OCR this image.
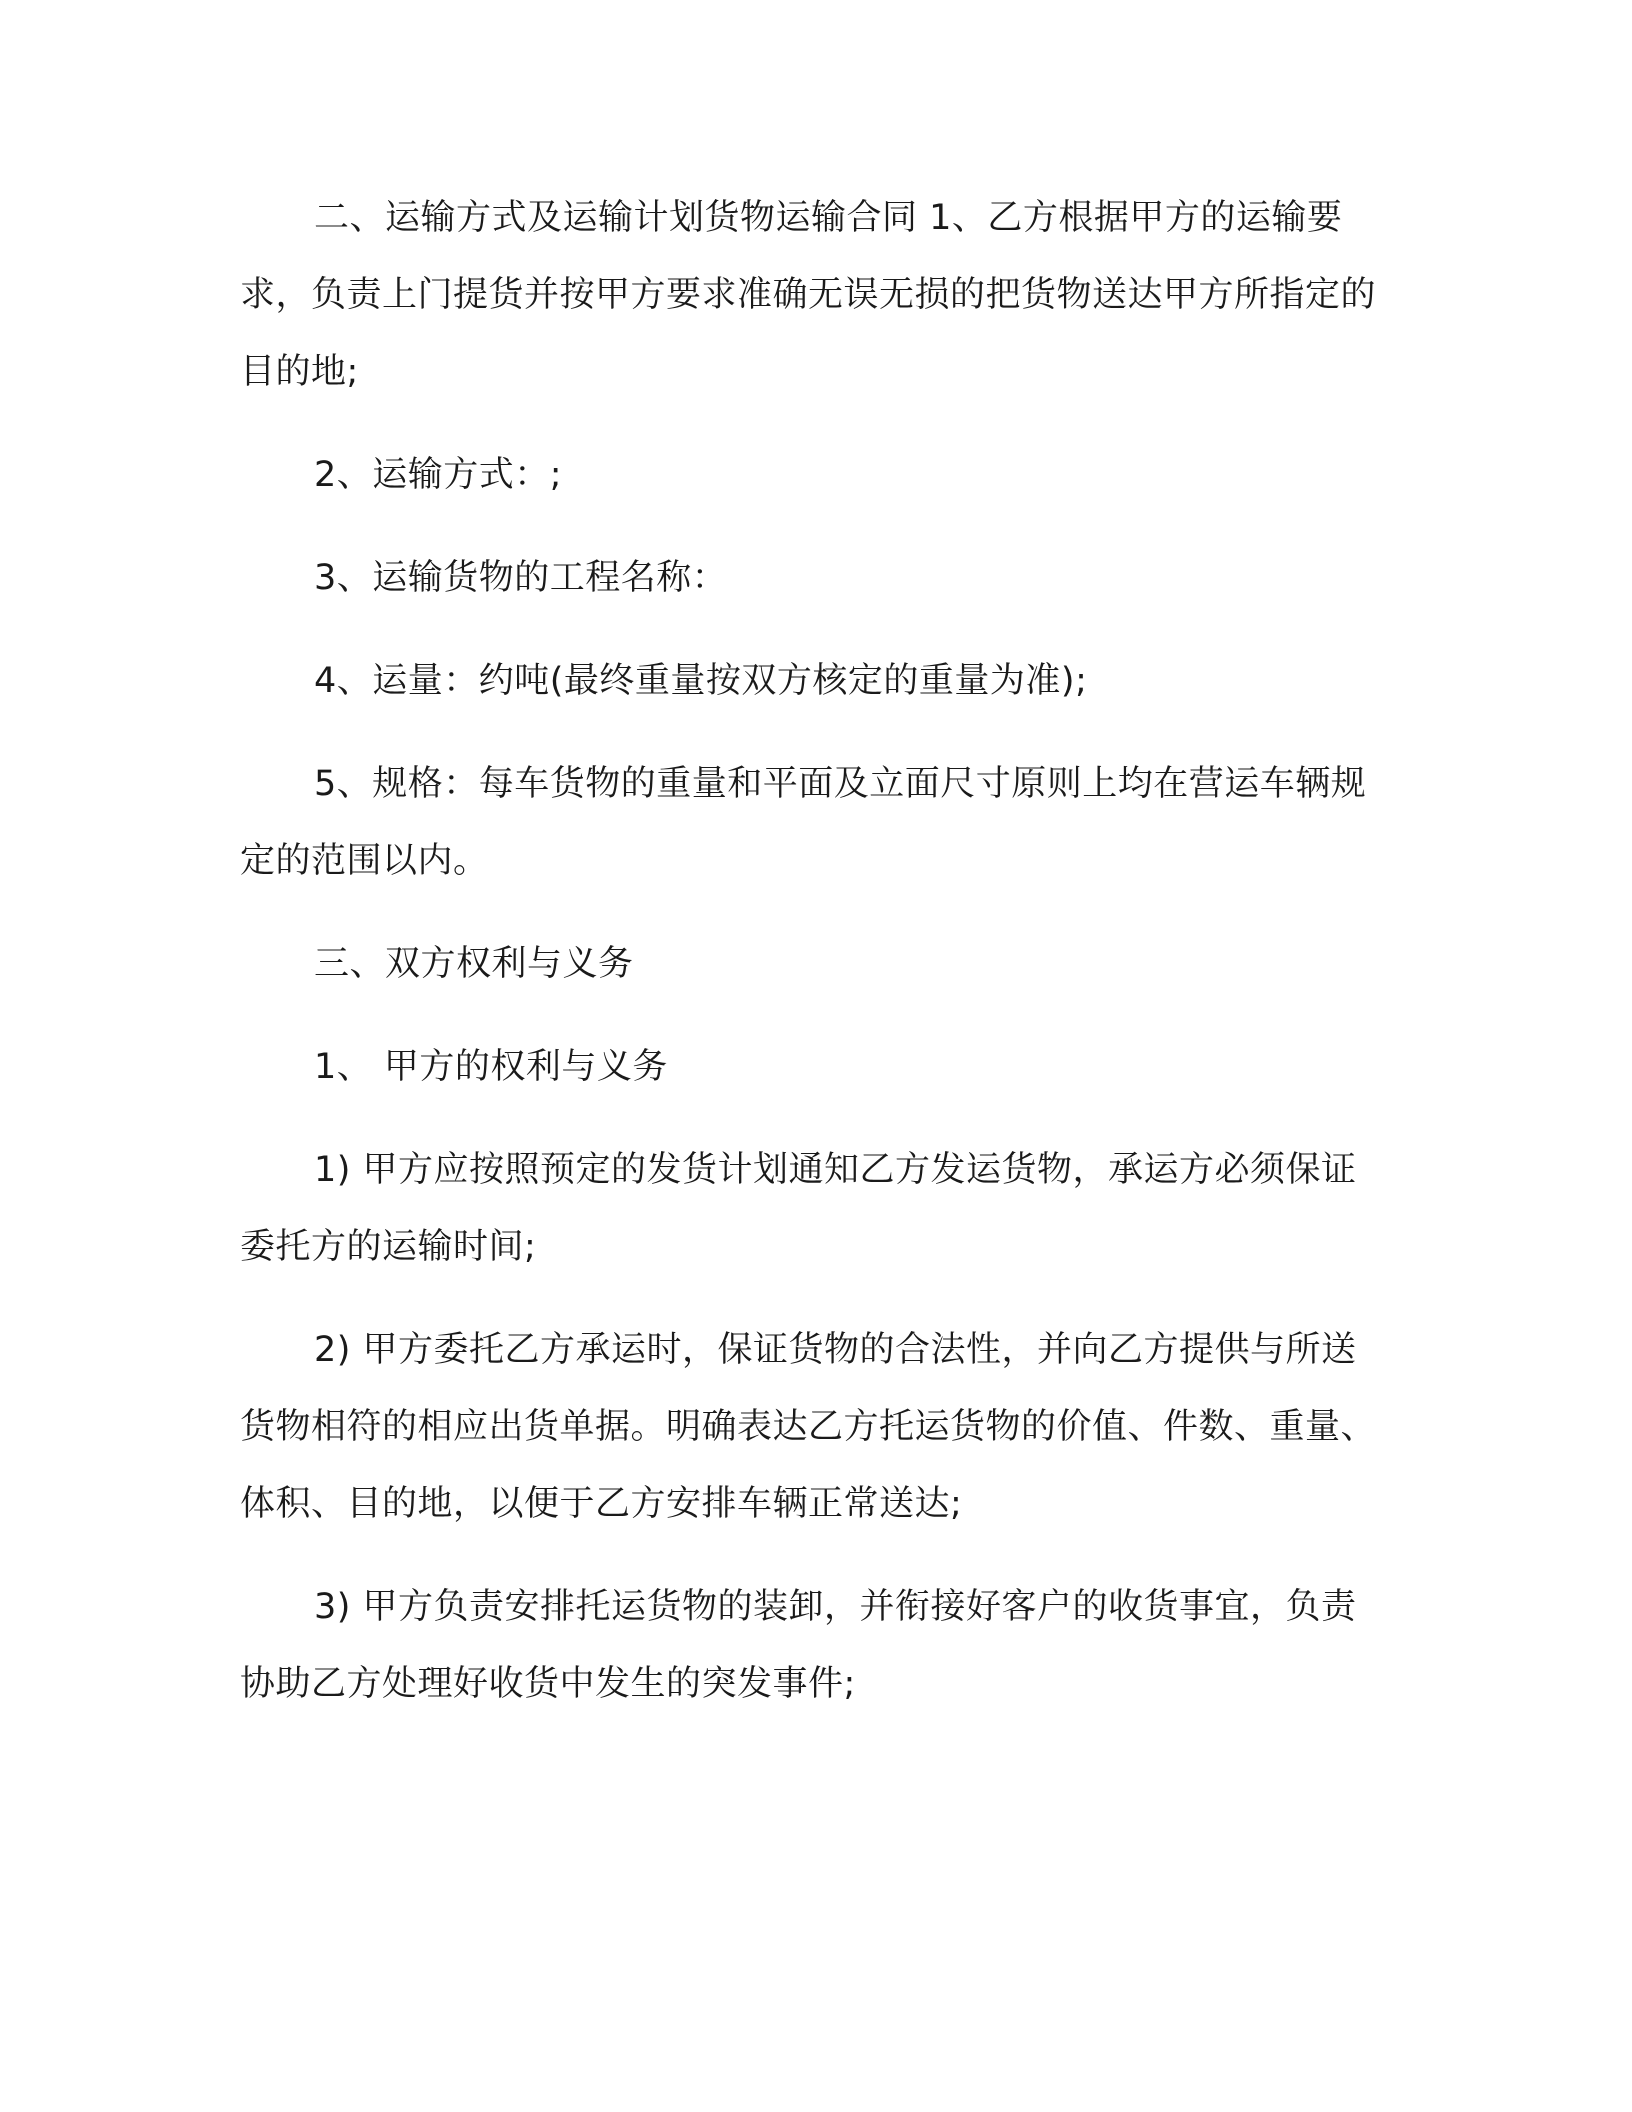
二、运输方式及运输计划货物运输合同 1、乙方根据甲方的运输要求，负责上门提货并按甲方要求准确无误无损的把货物送达甲方所指定的目的地;

2、运输方式：;

3、运输货物的工程名称：

4、运量：约吨(最终重量按双方核定的重量为准);

5、规格：每车货物的重量和平面及立面尺寸原则上均在营运车辆规定的范围以内。

三、双方权利与义务

1、 甲方的权利与义务

1) 甲方应按照预定的发货计划通知乙方发运货物，承运方必须保证委托方的运输时间;

2) 甲方委托乙方承运时，保证货物的合法性，并向乙方提供与所送货物相符的相应出货单据。明确表达乙方托运货物的价值、件数、重量、体积、目的地，以便于乙方安排车辆正常送达;

3) 甲方负责安排托运货物的装卸，并衔接好客户的收货事宜，负责协助乙方处理好收货中发生的突发事件;
